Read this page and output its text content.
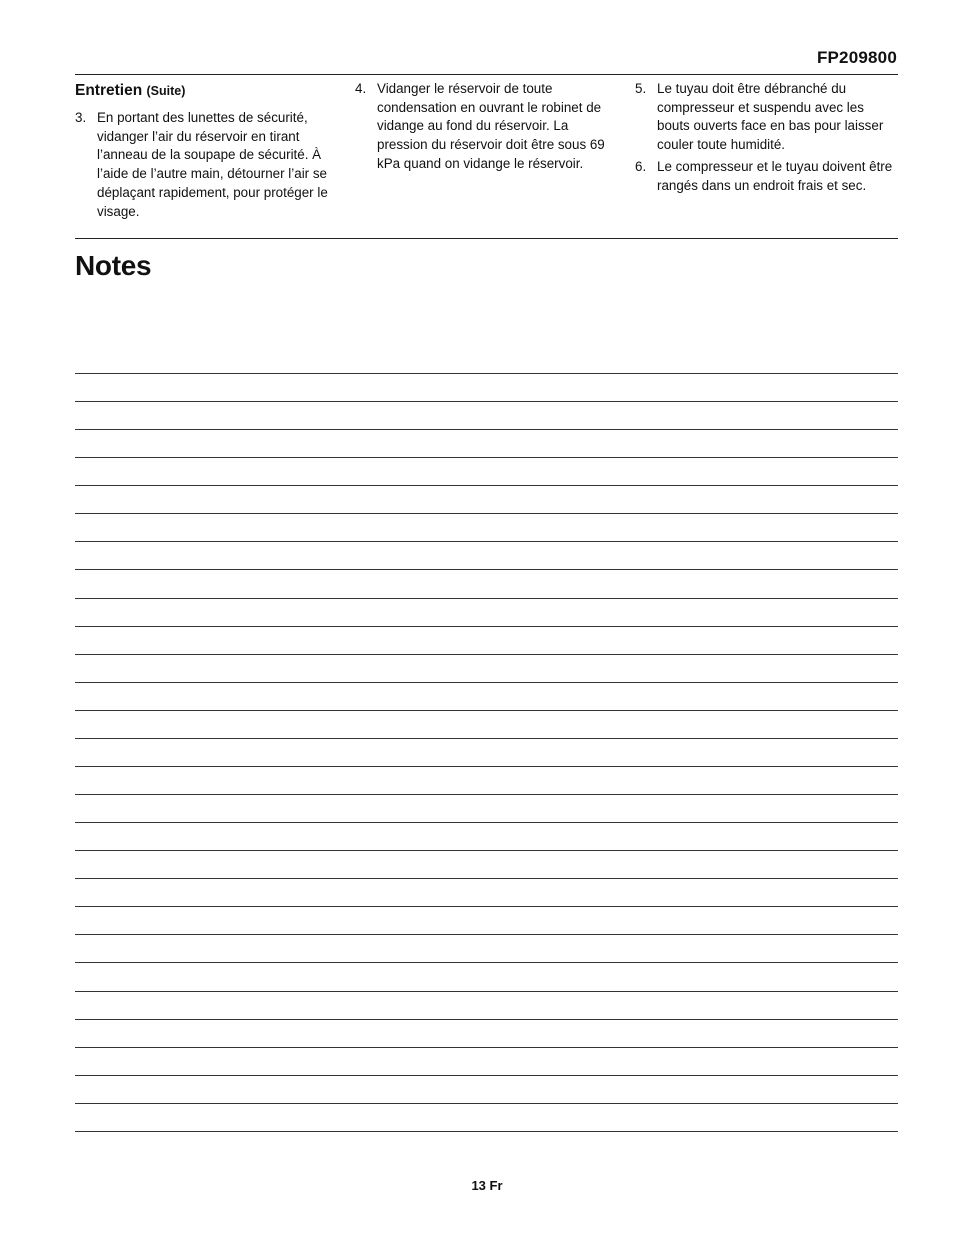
FP209800
Entretien (Suite)
3. En portant des lunettes de sécurité, vidanger l’air du réservoir en tirant l’anneau de la soupape de sécurité. À l’aide de l’autre main, détourner l’air se déplaçant rapidement, pour protéger le visage.
4. Vidanger le réservoir de toute condensation en ouvrant le robinet de vidange au fond du réservoir. La pression du réservoir doit être sous 69 kPa quand on vidange le réservoir.
5. Le tuyau doit être débranché du compresseur et suspendu avec les bouts ouverts face en bas pour laisser couler toute humidité.
6. Le compresseur et le tuyau doivent être rangés dans un endroit frais et sec.
Notes
13 Fr
